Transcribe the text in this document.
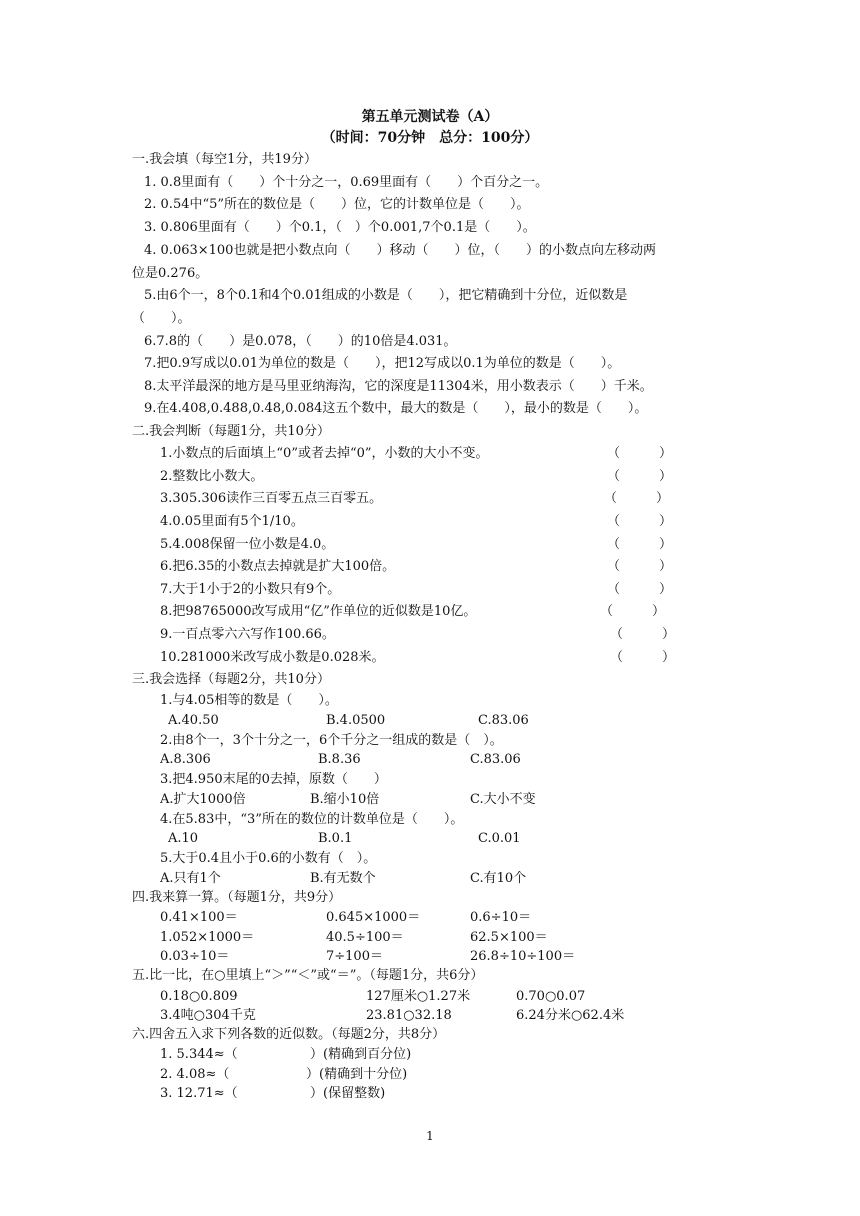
第五单元测试卷（A）
（时间：70分钟　总分：100分）
一.我会填（每空1分，共19分）
1. 0.8里面有（　　）个十分之一，0.69里面有（　　）个百分之一。
2. 0.54中“5”所在的数位是（　　）位，它的计数单位是（　　）。
3. 0.806里面有（　　）个0.1，（　）个0.001,7个0.1是（　　）。
4. 0.063×100也就是把小数点向（　　）移动（　　）位，（　　）的小数点向左移动两
位是0.276。
5.由6个一，8个0.1和4个0.01组成的小数是（　　），把它精确到十分位，近似数是
（　　）。
6.7.8的（　　）是0.078，（　　）的10倍是4.031。
7.把0.9写成以0.01为单位的数是（　　），把12写成以0.1为单位的数是（　　）。
8.太平洋最深的地方是马里亚纳海沟，它的深度是11304米，用小数表示（　　）千米。
9.在4.408,0.488,0.48,0.084这五个数中，最大的数是（　　），最小的数是（　　）。
二.我会判断（每题1分，共10分）
1.小数点的后面填上“0”或者去掉“0”，小数的大小不变。	（　　　）
2.整数比小数大。	（　　　）
3.305.306读作三百零五点三百零五。	（　　　）
4.0.05里面有5个1/10。	（　　　）
5.4.008保留一位小数是4.0。	（　　　）
6.把6.35的小数点去掉就是扩大100倍。	（　　　）
7.大于1小于2的小数只有9个。	（　　　）
8.把98765000改写成用“亿”作单位的近似数是10亿。	（　　　）
9.一百点零六六写作100.66。	（　　　）
10.281000米改写成小数是0.028米。	（　　　）
三.我会选择（每题2分，共10分）
1.与4.05相等的数是（　　）。
A.40.50	B.4.0500	C.83.06
2.由8个一，3个十分之一，6个千分之一组成的数是（　）。
A.8.306	B.8.36	C.83.06
3.把4.950末尾的0去掉，原数（　　）
A.扩大1000倍	B.缩小10倍	C.大小不变
4.在5.83中，“3”所在的数位的计数单位是（　　）。
A.10	B.0.1	C.0.01
5.大于0.4且小于0.6的小数有（　）。
A.只有1个	B.有无数个	C.有10个
四.我来算一算。（每题1分，共9分）
0.41×100＝	0.645×1000＝	0.6÷10＝
1.052×1000＝	40.5÷100＝	62.5×100＝
0.03÷10＝	7÷100＝	26.8÷10÷100＝
五.比一比，在○里填上“＞”“＜”或“＝”。（每题1分，共6分）
0.18○0.809	127厘米○1.27米	0.70○0.07
3.4吨○304千克	23.81○32.18	6.24分米○62.4米
六.四舍五入求下列各数的近似数。（每题2分，共8分）
1. 5.344≈（	）(精确到百分位)
2. 4.08≈（	）(精确到十分位)
3. 12.71≈（	）(保留整数)
1
